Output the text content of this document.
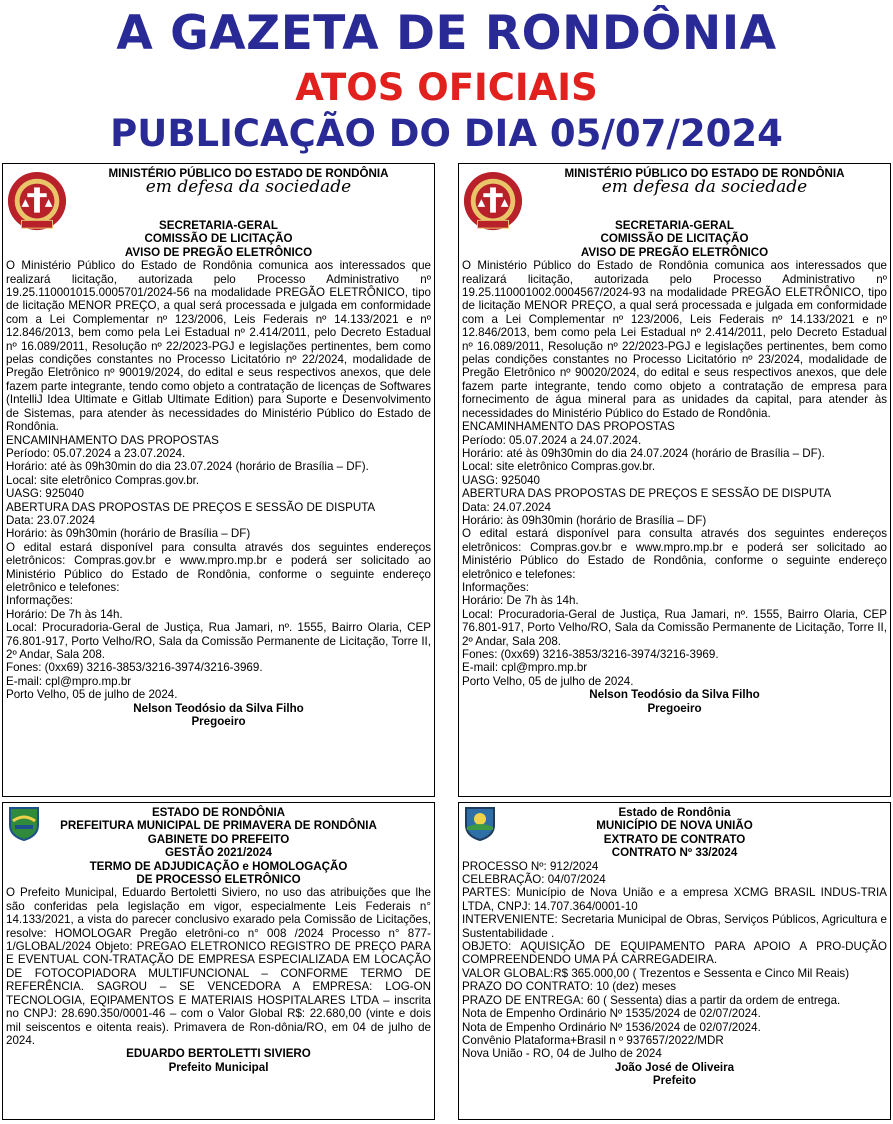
A GAZETA DE RONDÔNIA
ATOS OFICIAIS
PUBLICAÇÃO DO DIA 05/07/2024
MINISTÉRIO PÚBLICO DO ESTADO DE RONDÔNIA
em defesa da sociedade
SECRETARIA-GERAL
COMISSÃO DE LICITAÇÃO
AVISO DE PREGÃO ELETRÔNICO
O Ministério Público do Estado de Rondônia comunica aos interessados que realizará licitação, autorizada pelo Processo Administrativo nº 19.25.110001015.0005701/2024-56 na modalidade PREGÃO ELETRÔNICO, tipo de licitação MENOR PREÇO, a qual será processada e julgada em conformidade com a Lei Complementar nº 123/2006, Leis Federais nº 14.133/2021 e nº 12.846/2013, bem como pela Lei Estadual nº 2.414/2011, pelo Decreto Estadual nº 16.089/2011, Resolução nº 22/2023-PGJ e legislações pertinentes, bem como pelas condições constantes no Processo Licitatório nº 22/2024, modalidade de Pregão Eletrônico nº 90019/2024, do edital e seus respectivos anexos, que dele fazem parte integrante, tendo como objeto a contratação de licenças de Softwares (IntelliJ Idea Ultimate e Gitlab Ultimate Edition) para Suporte e Desenvolvimento de Sistemas, para atender às necessidades do Ministério Público do Estado de Rondônia.
ENCAMINHAMENTO DAS PROPOSTAS
Período: 05.07.2024 a 23.07.2024.
Horário: até às 09h30min do dia 23.07.2024 (horário de Brasília – DF).
Local: site eletrônico Compras.gov.br.
UASG: 925040
ABERTURA DAS PROPOSTAS DE PREÇOS E SESSÃO DE DISPUTA
Data: 23.07.2024
Horário: às 09h30min (horário de Brasília – DF)
O edital estará disponível para consulta através dos seguintes endereços eletrônicos: Compras.gov.br e www.mpro.mp.br e poderá ser solicitado ao Ministério Público do Estado de Rondônia, conforme o seguinte endereço eletrônico e telefones:
Informações:
Horário: De 7h às 14h.
Local: Procuradoria-Geral de Justiça, Rua Jamari, nº. 1555, Bairro Olaria, CEP 76.801-917, Porto Velho/RO, Sala da Comissão Permanente de Licitação, Torre II, 2º Andar, Sala 208.
Fones: (0xx69) 3216-3853/3216-3974/3216-3969.
E-mail: cpl@mpro.mp.br
Porto Velho, 05 de julho de 2024.
Nelson Teodósio da Silva Filho
Pregoeiro
MINISTÉRIO PÚBLICO DO ESTADO DE RONDÔNIA
em defesa da sociedade
SECRETARIA-GERAL
COMISSÃO DE LICITAÇÃO
AVISO DE PREGÃO ELETRÔNICO
O Ministério Público do Estado de Rondônia comunica aos interessados que realizará licitação, autorizada pelo Processo Administrativo nº 19.25.110001002.0004567/2024-93 na modalidade PREGÃO ELETRÔNICO, tipo de licitação MENOR PREÇO, a qual será processada e julgada em conformidade com a Lei Complementar nº 123/2006, Leis Federais nº 14.133/2021 e nº 12.846/2013, bem como pela Lei Estadual nº 2.414/2011, pelo Decreto Estadual nº 16.089/2011, Resolução nº 22/2023-PGJ e legislações pertinentes, bem como pelas condições constantes no Processo Licitatório nº 23/2024, modalidade de Pregão Eletrônico nº 90020/2024, do edital e seus respectivos anexos, que dele fazem parte integrante, tendo como objeto a contratação de empresa para fornecimento de água mineral para as unidades da capital, para atender às necessidades do Ministério Público do Estado de Rondônia.
ENCAMINHAMENTO DAS PROPOSTAS
Período: 05.07.2024 a 24.07.2024.
Horário: até às 09h30min do dia 24.07.2024 (horário de Brasília – DF).
Local: site eletrônico Compras.gov.br.
UASG: 925040
ABERTURA DAS PROPOSTAS DE PREÇOS E SESSÃO DE DISPUTA
Data: 24.07.2024
Horário: às 09h30min (horário de Brasília – DF)
O edital estará disponível para consulta através dos seguintes endereços eletrônicos: Compras.gov.br e www.mpro.mp.br e poderá ser solicitado ao Ministério Público do Estado de Rondônia, conforme o seguinte endereço eletrônico e telefones:
Informações:
Horário: De 7h às 14h.
Local: Procuradoria-Geral de Justiça, Rua Jamari, nº. 1555, Bairro Olaria, CEP 76.801-917, Porto Velho/RO, Sala da Comissão Permanente de Licitação, Torre II, 2º Andar, Sala 208.
Fones: (0xx69) 3216-3853/3216-3974/3216-3969.
E-mail: cpl@mpro.mp.br
Porto Velho, 05 de julho de 2024.
Nelson Teodósio da Silva Filho
Pregoeiro
ESTADO DE RONDÔNIA
PREFEITURA MUNICIPAL DE PRIMAVERA DE RONDÔNIA
GABINETE DO PREFEITO
GESTÃO 2021/2024
TERMO DE ADJUDICAÇÃO e HOMOLOGAÇÃO
DE PROCESSO ELETRÔNICO
O Prefeito Municipal, Eduardo Bertoletti Siviero, no uso das atribuições que lhe são conferidas pela legislação em vigor, especialmente Leis Federais n° 14.133/2021, a vista do parecer conclusivo exarado pela Comissão de Licitações, resolve: HOMOLOGAR Pregão eletrôni-co n° 008 /2024 Processo n° 877-1/GLOBAL/2024 Objeto: PREGAO ELETRONICO REGISTRO DE PREÇO PARA E EVENTUAL CON-TRATAÇÃO DE EMPRESA ESPECIALIZADA EM LOCAÇÃO DE FOTOCOPIADORA MULTIFUNCIONAL – CONFORME TERMO DE REFERÊNCIA. SAGROU – SE VENCEDORA A EMPRESA: LOG-ON TECNOLOGIA, EQIPAMENTOS E MATERIAIS HOSPITALARES LTDA – inscrita no CNPJ: 28.690.350/0001-46 – com o Valor Global R$: 22.680,00 (vinte e dois mil seiscentos e oitenta reais). Primavera de Ron-dônia/RO, em 04 de julho de 2024.
EDUARDO BERTOLETTI SIVIERO
Prefeito Municipal
Estado de Rondônia
MUNICÍPIO DE NOVA UNIÃO
EXTRATO DE CONTRATO
CONTRATO Nº 33/2024
PROCESSO Nº: 912/2024
CELEBRAÇÃO: 04/07/2024
PARTES: Município de Nova União e a empresa XCMG BRASIL INDUS-TRIA LTDA, CNPJ: 14.707.364/0001-10
INTERVENIENTE: Secretaria Municipal de Obras, Serviços Públicos, Agricultura e Sustentabilidade .
OBJETO: AQUISIÇÃO DE EQUIPAMENTO PARA APOIO A PRO-DUÇÃO COMPREENDENDO UMA PÁ CARREGADEIRA.
VALOR GLOBAL:R$ 365.000,00 ( Trezentos e Sessenta e Cinco Mil Reais)
PRAZO DO CONTRATO: 10 (dez) meses
PRAZO DE ENTREGA: 60 ( Sessenta) dias a partir da ordem de entrega.
Nota de Empenho Ordinário Nº 1535/2024 de 02/07/2024.
Nota de Empenho Ordinário Nº 1536/2024 de 02/07/2024.
Convênio Plataforma+Brasil n º 937657/2022/MDR
Nova União - RO, 04 de Julho de 2024
João José de Oliveira
Prefeito
